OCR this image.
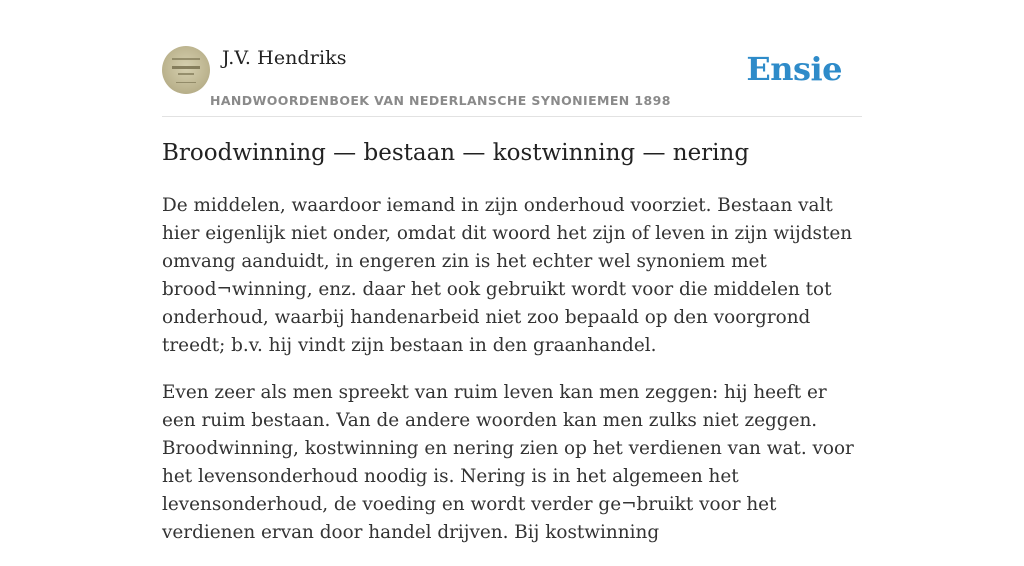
J.V. Hendriks
HANDWOORDENBOEK VAN NEDERLANSCHE SYNONIEMEN 1898
Ensie
Broodwinning — bestaan — kostwinning — nering

De middelen, waardoor iemand in zijn onderhoud voorziet. Bestaan valt hier eigenlijk niet onder, omdat dit woord het zijn of leven in zijn wijdsten omvang aanduidt, in engeren zin is het echter wel synoniem met brood¬winning, enz. daar het ook gebruikt wordt voor die middelen tot onderhoud, waarbij handenarbeid niet zoo bepaald op den voorgrond treedt; b.v. hij vindt zijn bestaan in den graanhandel.

Even zeer als men spreekt van ruim leven kan men zeggen: hij heeft er een ruim bestaan. Van de andere woorden kan men zulks niet zeggen. Broodwinning, kostwinning en nering zien op het verdienen van wat. voor het levensonderhoud noodig is. Nering is in het algemeen het levensonderhoud, de voeding en wordt verder ge¬bruikt voor het verdienen ervan door handel drijven. Bij kostwinning
